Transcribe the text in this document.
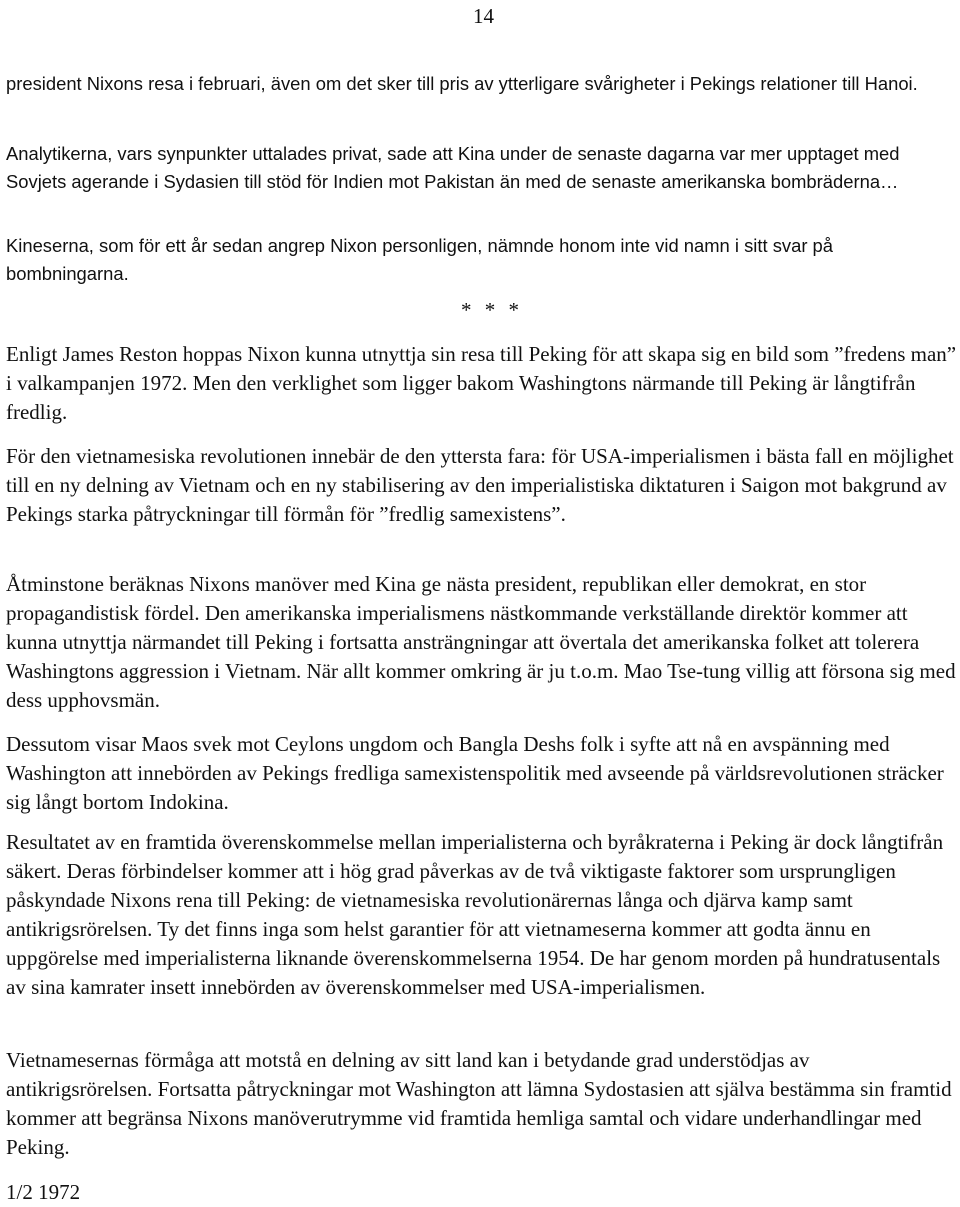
14

president Nixons resa i februari, även om det sker till pris av ytterligare svårigheter i Pekings relationer till Hanoi.

Analytikerna, vars synpunkter uttalades privat, sade att Kina under de senaste dagarna var mer upptaget med Sovjets agerande i Sydasien till stöd för Indien mot Pakistan än med de senaste amerikanska bombräderna…

Kineserna, som för ett år sedan angrep Nixon personligen, nämnde honom inte vid namn i sitt svar på bombningarna.

* * *

Enligt James Reston hoppas Nixon kunna utnyttja sin resa till Peking för att skapa sig en bild som ”fredens man” i valkampanjen 1972. Men den verklighet som ligger bakom Washingtons närmande till Peking är långtifrån fredlig.

För den vietnamesiska revolutionen innebär de den yttersta fara: för USA-imperialismen i bästa fall en möjlighet till en ny delning av Vietnam och en ny stabilisering av den imperialistiska diktaturen i Saigon mot bakgrund av Pekings starka påtryckningar till förmån för ”fredlig samexistens”.

Åtminstone beräknas Nixons manöver med Kina ge nästa president, republikan eller demokrat, en stor propagandistisk fördel. Den amerikanska imperialismens nästkommande verkställande direktör kommer att kunna utnyttja närmandet till Peking i fortsatta ansträngningar att övertala det amerikanska folket att tolerera Washingtons aggression i Vietnam. När allt kommer omkring är ju t.o.m. Mao Tse-tung villig att försona sig med dess upphovsmän.

Dessutom visar Maos svek mot Ceylons ungdom och Bangla Deshs folk i syfte att nå en avspänning med Washington att innebörden av Pekings fredliga samexistenspolitik med avseende på världsrevolutionen sträcker sig långt bortom Indokina.

Resultatet av en framtida överenskommelse mellan imperialisterna och byråkraterna i Peking är dock långtifrån säkert. Deras förbindelser kommer att i hög grad påverkas av de två viktigaste faktorer som ursprungligen påskyndade Nixons rena till Peking: de vietnamesiska revolutionärernas långa och djärva kamp samt antikrigsrörelsen. Ty det finns inga som helst garantier för att vietnameserna kommer att godta ännu en uppgörelse med imperialisterna liknande överenskommelserna 1954. De har genom morden på hundratusentals av sina kamrater insett innebörden av överenskommelser med USA-imperialismen.

Vietnamesernas förmåga att motstå en delning av sitt land kan i betydande grad understödjas av antikrigsrörelsen. Fortsatta påtryckningar mot Washington att lämna Sydostasien att själva bestämma sin framtid kommer att begränsa Nixons manöverutrymme vid framtida hemliga samtal och vidare underhandlingar med Peking.

1/2 1972
